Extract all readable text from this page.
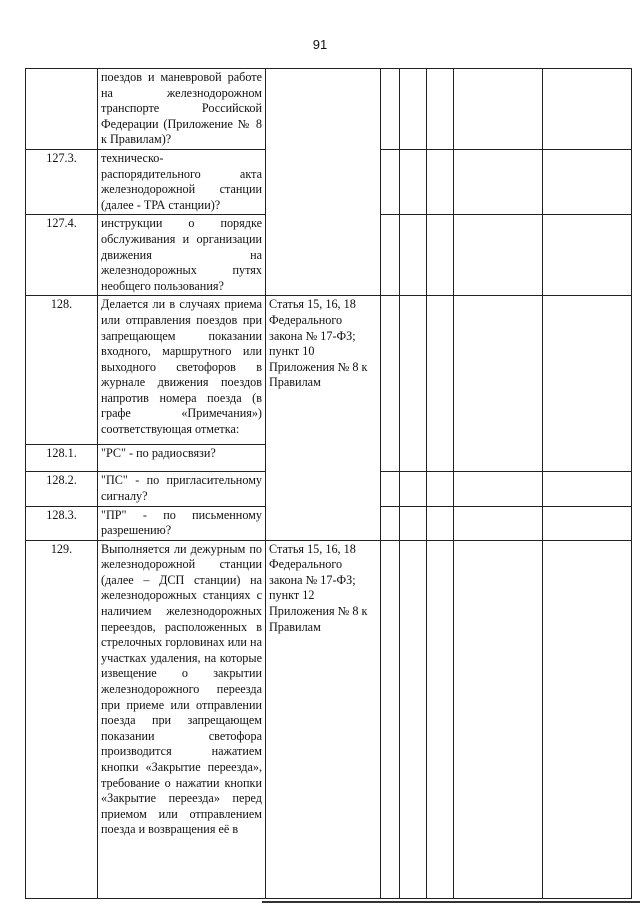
91
	поездов и маневровой работе на железнодорожном транспорте Российской Федерации (Приложение № 8 к Правилам)?						
127.3.	техническо-распорядительного акта железнодорожной станции (далее - ТРА станции)?						
127.4.	инструкции о порядке обслуживания и организации движения на железнодорожных путях необщего пользования?						
128.	Делается ли в случаях приема или отправления поездов при запрещающем показании входного, маршрутного или выходного светофоров в журнале движения поездов напротив номера поезда (в графе «Примечания») соответствующая отметка:	Статья 15, 16, 18 Федерального закона № 17-ФЗ; пункт 10 Приложения № 8 к Правилам					
128.1.	"РС" - по радиосвязи?						
128.2.	"ПС" - по пригласительному сигналу?						
128.3.	"ПР" - по письменному разрешению?						
129.	Выполняется ли дежурным по железнодорожной станции (далее – ДСП станции) на железнодорожных станциях с наличием железнодорожных переездов, расположенных в стрелочных горловинах или на участках удаления, на которые извещение о закрытии железнодорожного переезда при приеме или отправлении поезда при запрещающем показании светофора производится нажатием кнопки «Закрытие переезда», требование о нажатии кнопки «Закрытие переезда» перед приемом или отправлением поезда и возвращения её в	Статья 15, 16, 18 Федерального закона № 17-ФЗ; пункт 12 Приложения № 8 к Правилам					
